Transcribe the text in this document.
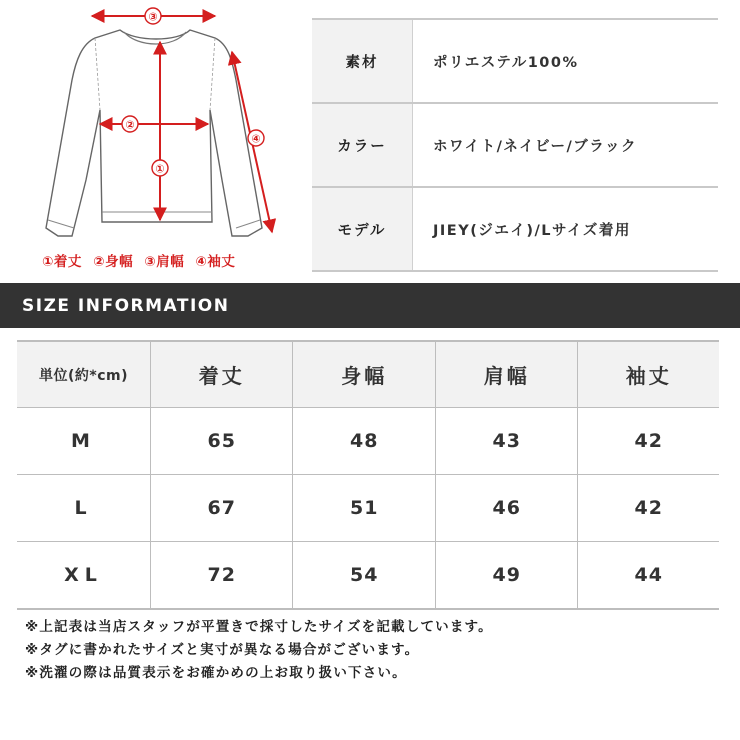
③
①
②
④
①着丈 ②身幅 ③肩幅 ④袖丈
素材	ポリエステル100%
カラー	ホワイト/ネイビー/ブラック
モデル	JIEY(ジエイ)/Lサイズ着用
SIZE INFORMATION
単位(約*cm)	着丈	身幅	肩幅	袖丈
M	65	48	43	42
L	67	51	46	42
XL	72	54	49	44
※上記表は当店スタッフが平置きで採寸したサイズを記載しています。
※タグに書かれたサイズと実寸が異なる場合がございます。
※洗濯の際は品質表示をお確かめの上お取り扱い下さい。
